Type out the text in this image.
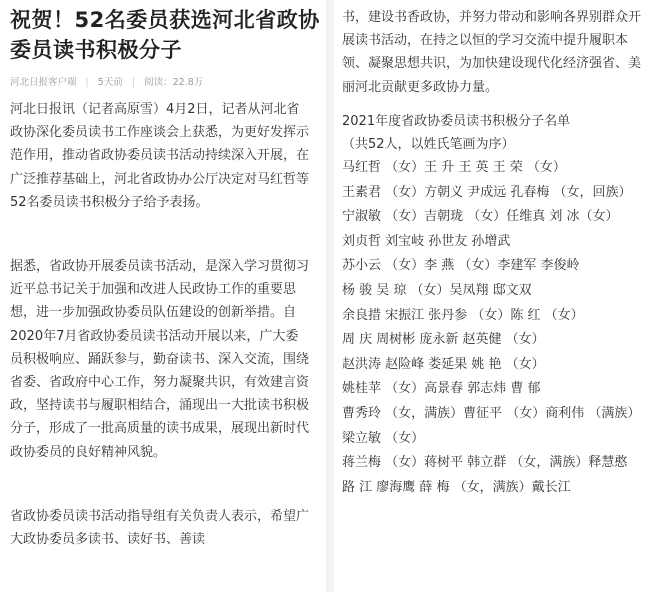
祝贺！52名委员获选河北省政协委员读书积极分子
河北日报客户端 | 5天前 | 阅读：22.8万

河北日报讯（记者高原雪）4月2日，记者从河北省政协深化委员读书工作座谈会上获悉，为更好发挥示范作用，推动省政协委员读书活动持续深入开展，在广泛推荐基础上，河北省政协办公厅决定对马红哲等52名委员读书积极分子给予表扬。

据悉，省政协开展委员读书活动，是深入学习贯彻习近平总书记关于加强和改进人民政协工作的重要思想，进一步加强政协委员队伍建设的创新举措。自2020年7月省政协委员读书活动开展以来，广大委员积极响应、踊跃参与，勤奋读书、深入交流，围绕省委、省政府中心工作，努力凝聚共识，有效建言资政，坚持读书与履职相结合，涌现出一大批读书积极分子，形成了一批高质量的读书成果，展现出新时代政协委员的良好精神风貌。

省政协委员读书活动指导组有关负责人表示，希望广大政协委员多读书、读好书、善读

书，建设书香政协，并努力带动和影响各界别群众开展读书活动，在持之以恒的学习交流中提升履职本领、凝聚思想共识，为加快建设现代化经济强省、美丽河北贡献更多政协力量。

2021年度省政协委员读书积极分子名单
（共52人，以姓氏笔画为序）
马红哲 （女）王 升 王 英 王 荣 （女）
王素君 （女）方朝义 尹成远 孔春梅 （女，回族）
宁淑敏 （女）吉朝珑 （女）任维真 刘 冰（女）
刘贞哲 刘宝岐 孙世友 孙增武
苏小云 （女）李 燕 （女）李建军 李俊岭
杨 骏 吴 琼 （女）吴凤翔 邸文双
余良措 宋振江 张丹参 （女）陈 红 （女）
周 庆 周树彬 庞永新 赵英健 （女）
赵洪涛 赵险峰 娄延果 姚 艳 （女）
姚桂苹 （女）高景春 郭志炜 曹 郁
曹秀玲 （女，满族）曹征平 （女）商利伟 （满族）梁立敏 （女）
蒋兰梅 （女）蒋树平 韩立群 （女，满族）释慧憨
路 江 廖海鹰 薛 梅 （女，满族）戴长江
